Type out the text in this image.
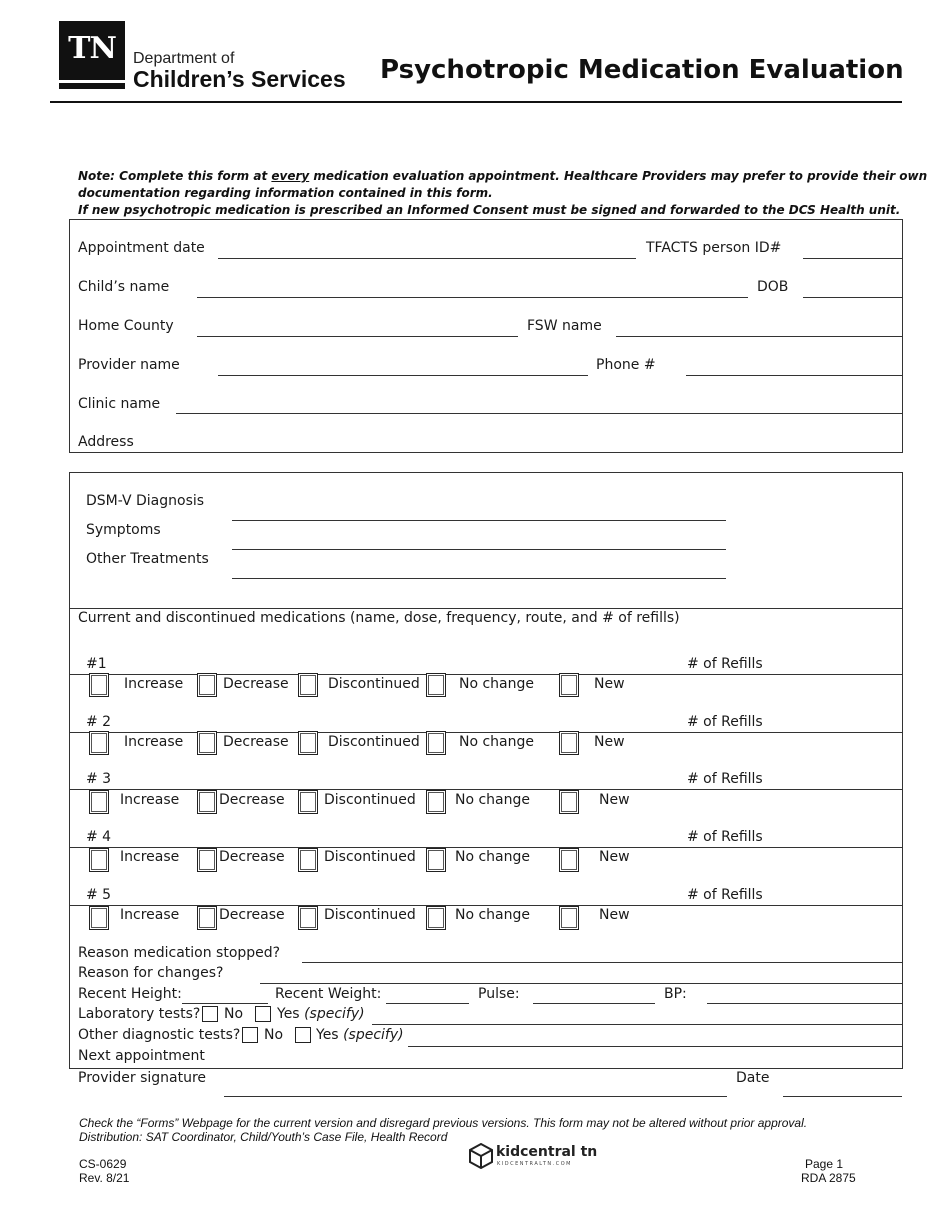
TN	Department of
Children’s Services Psychotropic Medication Evaluation
Note: Complete this form at every medication evaluation appointment. Healthcare Providers may prefer to provide their own
documentation regarding information contained in this form.
If new psychotropic medication is prescribed an Informed Consent must be signed and forwarded to the DCS Health unit.
Appointment date	TFACTS person ID#
Child’s name	DOB
Home County	FSW name
Provider name	Phone #
Clinic name
Address
DSM-V Diagnosis
Symptoms
Other Treatments
Current and discontinued medications (name, dose, frequency, route, and # of refills)
#1	# of Refills
Increase	Decrease	Discontinued	No change	New
# 2	# of Refills
Increase	Decrease	Discontinued	No change	New
# 3	# of Refills
Increase	Decrease	Discontinued	No change	New
# 4	# of Refills
Increase	Decrease	Discontinued	No change	New
# 5	# of Refills
Increase	Decrease	Discontinued	No change	New
Reason medication stopped?
Reason for changes?
Recent Height:	Recent Weight:	Pulse:	BP:
Laboratory tests? No Yes (specify)
Other diagnostic tests? No Yes (specify)
Next appointment
Provider signature	Date
Check the “Forms” Webpage for the current version and disregard previous versions. This form may not be altered without prior approval.
Distribution: SAT Coordinator, Child/Youth’s Case File, Health Record
CS-0629
Rev. 8/21
kidcentral tn
KIDCENTRALTN.COM	Page 1
RDA 2875
